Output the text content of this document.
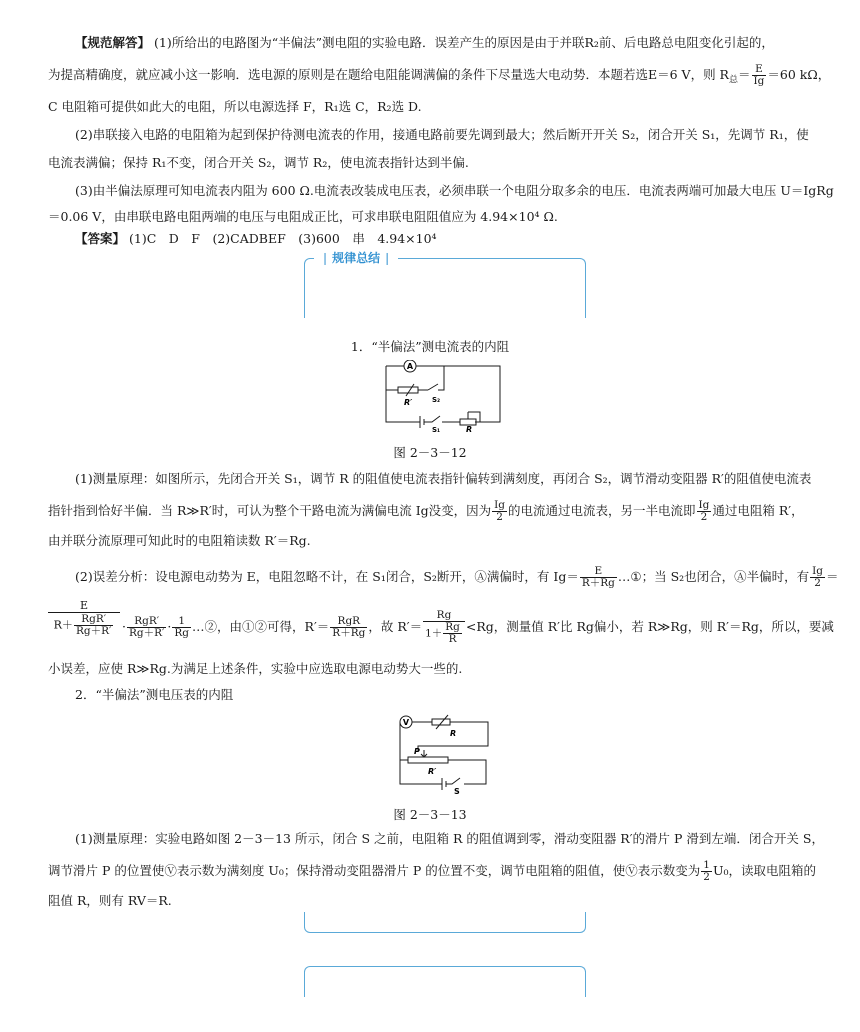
【规范解答】 (1)所给出的电路图为“半偏法”测电阻的实验电路．误差产生的原因是由于并联R₂前、后电路总电阻变化引起的，
为提高精确度，就应减小这一影响．选电源的原则是在题给电阻能调满偏的条件下尽量选大电动势．本题若选E＝6 V，则 $R_总= \frac{E}{Ig} =60$ kΩ，
C 电阻箱可提供如此大的电阻，所以电源选择 F，R₁选 C，R₂选 D.
(2)串联接入电路的电阻箱为起到保护待测电流表的作用，接通电路前要先调到最大；然后断开开关 S₂，闭合开关 S₁，先调节 R₁，使
电流表满偏；保持 R₁不变，闭合开关 S₂，调节 R₂，使电流表指针达到半偏.
(3)由半偏法原理可知电流表内阻为 600 Ω.电流表改装成电压表，必须串联一个电阻分取多余的电压．电流表两端可加最大电压 U＝IgRg
＝0.06 V，由串联电路电阻两端的电压与电阻成正比，可求串联电阻阻值应为 4.94×10⁴ Ω.
【答案】 (1)C　D　F　(2)CADBEF　(3)600　串　4.94×10⁴
❘ 规律总结 ❘
1．“半偏法”测电流表的内阻
A
R′	S₂
S₁	R
图 2－3－12
(1)测量原理：如图所示，先闭合开关 S₁，调节 R 的阻值使电流表指针偏转到满刻度，再闭合 S₂，调节滑动变阻器 R′的阻值使电流表
指针指到恰好半偏．当 R≫R′时，可认为整个干路电流为满偏电流 Ig没变，因为 $\frac{Ig}{2}$ 的电流通过电流表，另一半电流即 $\frac{Ig}{2}$ 通过电阻箱 R′，
由并联分流原理可知此时的电阻箱读数 R′＝Rg.
(2)误差分析：设电源电动势为 E，电阻忽略不计，在 S₁闭合，S₂断开，Ⓐ满偏时，有 $Ig= \frac{E}{R+Rg}$ …①；当 S₂也闭合，Ⓐ半偏时，有 $\frac{Ig}{2}$ ＝
E
$R+ \frac{\text{RgR′}}{Rg+R'} \cdot \frac{\text{RgR′}}{Rg+R'} \cdot \frac{1}{Rg}$ …②，由①②可得，$R'= \frac{\text{RgR}}{R+Rg}$ ，故 $R'= \frac{Rg}{1+ \frac{Rg}{R}} <Rg$，测量值 R′比 Rg偏小，若 R≫Rg，则 R′＝Rg，所以，要减
小误差，应使 R≫Rg.为满足上述条件，实验中应选取电源电动势大一些的.
2．“半偏法”测电压表的内阻
V
R
P
R′
S
图 2－3－13
(1)测量原理：实验电路如图 2－3－13 所示，闭合 S 之前，电阻箱 R 的阻值调到零，滑动变阻器 R′的滑片 P 滑到左端．闭合开关 S，
调节滑片 P 的位置使Ⓥ表示数为满刻度 U₀；保持滑动变阻器滑片 P 的位置不变，调节电阻箱的阻值，使Ⓥ表示数变为 $\frac{1}{2} U_0$，读取电阻箱的
阻值 R，则有 RV＝R.
